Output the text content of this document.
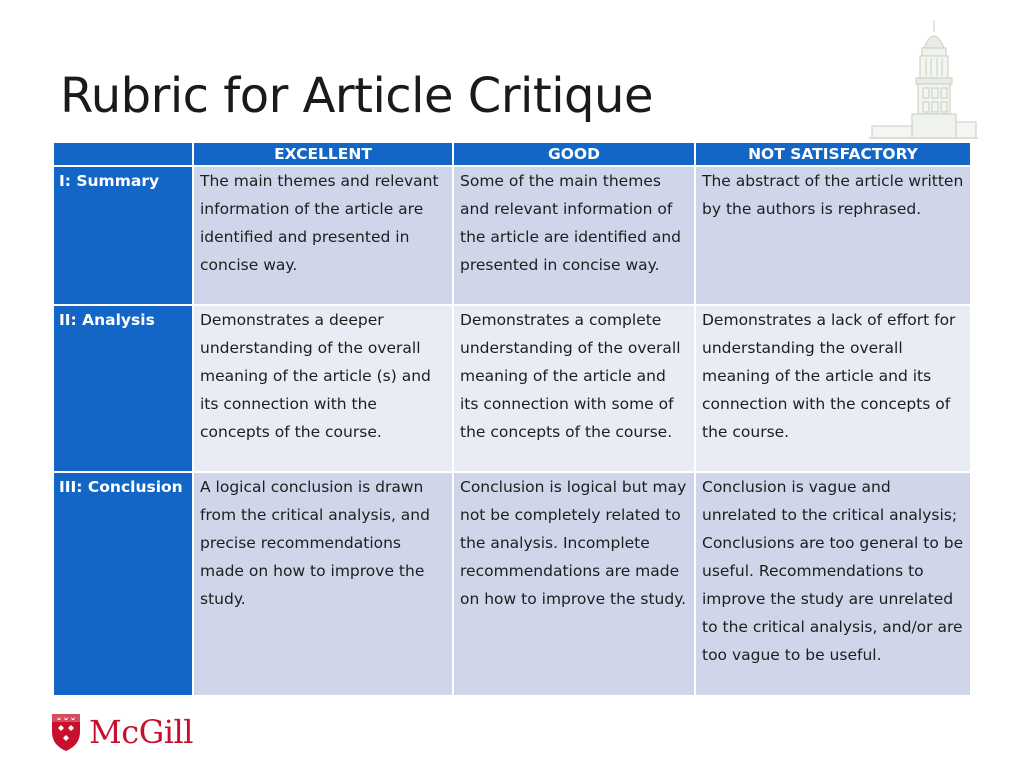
Rubric for Article Critique
	EXCELLENT	GOOD	NOT SATISFACTORY
I: Summary	The main themes and relevant information of the article are identified and presented in concise way.	Some of the main themes and relevant information of the article are identified and presented in concise way.	The abstract of the article written by the authors is rephrased.
II: Analysis	Demonstrates a deeper understanding of the overall meaning of the article (s) and its connection with the concepts of the course.	Demonstrates a complete understanding of the overall meaning of the article and its connection with some of the concepts of the course.	Demonstrates a lack of effort for understanding the overall meaning of the article and its connection with the concepts of the course.
III: Conclusion	A logical conclusion is drawn from the critical analysis, and precise recommendations made on how to improve the study.	Conclusion is logical but may not be completely related to the analysis. Incomplete recommendations are made on how to improve the study.	Conclusion is vague and unrelated to the critical analysis; Conclusions are too general to be useful. Recommendations to improve the study are unrelated to the critical analysis, and/or are too vague to be useful.
McGill
